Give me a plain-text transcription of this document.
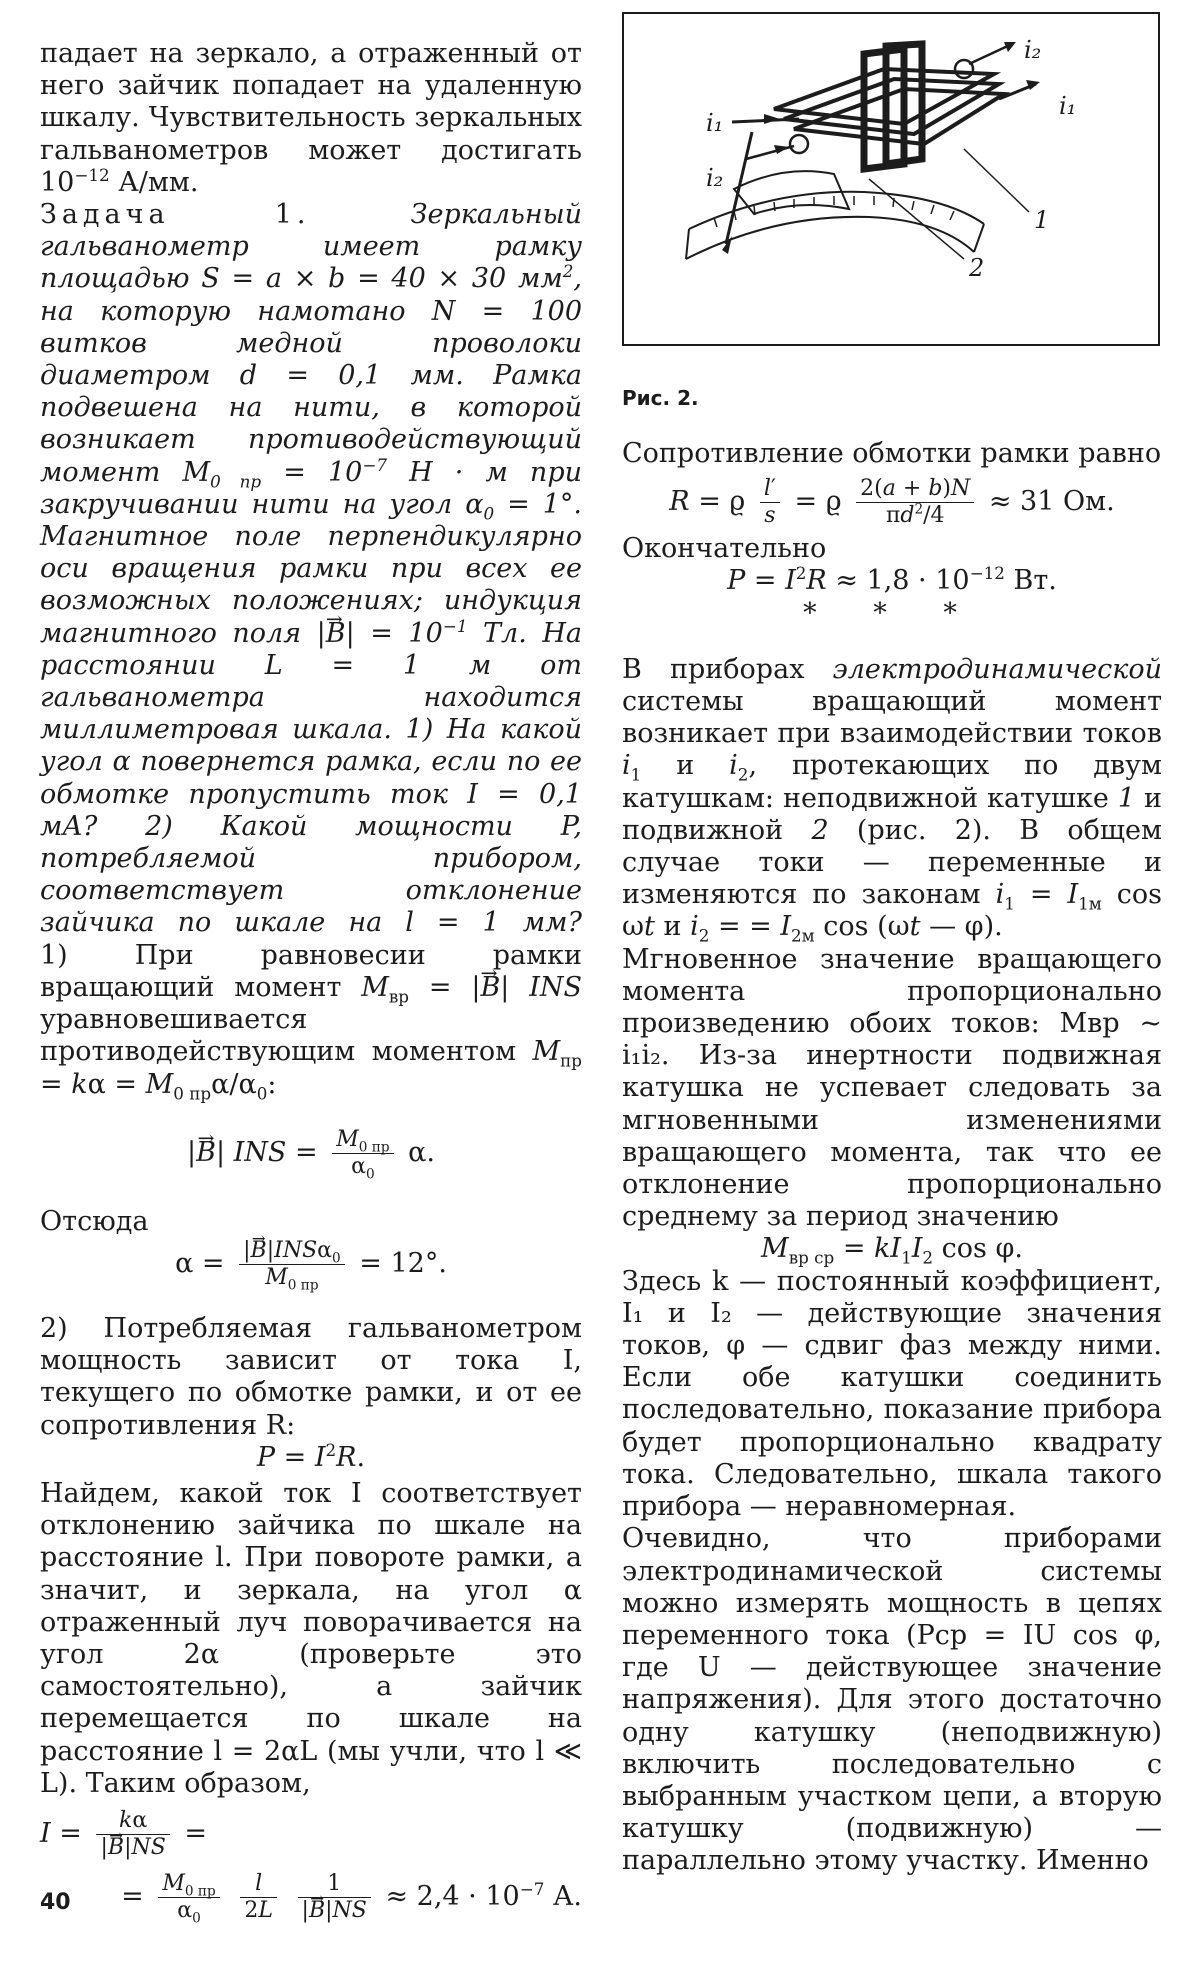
падает на зеркало, а отраженный от него зайчик попадает на удаленную шкалу. Чувствительность зеркальных гальванометров может достигать $10^{-12}$ А/мм.

Задача 1.	Зеркальный гальванометр имеет рамку площадью S = a × b = 40 × 30 $мм^2$, на которую намотано N = 100 витков медной проволоки диаметром d = 0,1 мм. Рамка подвешена на нити, в которой возникает противодействующий момент $M_{0 пр} = 10^{-7}$ Н · м при закручивании нити на угол $\alpha_0 = 1^\circ$. Магнитное поле перпендикулярно оси вращения рамки при всех ее возможных положениях; индукция магнитного поля |→ $B| = 10^{-1}$ Тл. На расстоянии L = 1 м от гальванометра находится миллиметровая шкала. 1) На какой угол α повернется рамка, если по ее обмотке пропустить ток I = 0,1 мА? 2) Какой мощности P, потребляемой прибором, соответствует отклонение зайчика по шкале на l = 1 мм?

1) При равновесии рамки вращающий момент $M_{вр}$ = |→ B| INS уравновешивается противодействующим моментом $M_{пр} = k\alpha = M_{0 пр}\alpha/\alpha_0$:

|→ B| INS = $M_{0 пр}$
$\alpha_0$
α.

Отсюда

α = |→ B|INSα$_0$
$M_{0 пр}$
= 12°.

2) Потребляемая гальванометром мощность зависит от тока I, текущего по обмотке рамки, и от ее сопротивления R:

$P = I^2R$.

Найдем, какой ток I соответствует отклонению зайчика по шкале на расстояние l. При повороте рамки, а значит, и зеркала, на угол α отраженный луч поворачивается на угол 2α (проверьте это самостоятельно), а зайчик перемещается по шкале на расстояние l = 2αL (мы учли, что l ≪ L). Таким образом,

$I = \frac{k\alpha}{|\to B|NS}$ =

= $M_{0 пр}$
$\alpha_0$
	$\frac{l}{2L}$
$\frac{1}{|\to B|NS} \approx 2,4 \cdot 10^{-7}$ А.

i₂
i₁
i₁
i₂
1
2
Рис. 2.

Сопротивление обмотки рамки равно

R = ϱ $\frac{l'}{s} = ϱ \frac{2(a + b)N}{\pi d^2/4} \approx 31$ Ом.

Окончательно

$P = I^2R \approx 1,8 \cdot 10^{-12}$ Вт.

* * *

В приборах электродинамической системы вращающий момент возникает при взаимодействии токов $i_1$ и $i_2$, протекающих по двум катушкам: неподвижной катушке 1 и подвижной 2 (рис. 2). В общем случае токи — переменные и изменяются по законам $i_1 = I_{1м}$ cos ωt и $i_2$ = = $I_{2м}$ cos (ωt — φ).

Мгновенное значение вращающего момента пропорционально произведению обоих токов: Mвр ~ i₁i₂. Из-за инертности подвижная катушка не успевает следовать за мгновенными изменениями вращающего момента, так что ее отклонение пропорционально среднему за период значению

$M_{вр ср} = kI_1I_2$ cos φ.

Здесь k — постоянный коэффициент, I₁ и I₂ — действующие значения токов, φ — сдвиг фаз между ними. Если обе катушки соединить последовательно, показание прибора будет пропорционально квадрату тока. Следовательно, шкала такого прибора — неравномерная.

Очевидно, что приборами электродинамической системы можно измерять мощность в цепях переменного тока (Pср = IU cos φ, где U — действующее значение напряжения). Для этого достаточно одну катушку (неподвижную) включить последовательно с выбранным участком цепи, а вторую катушку (подвижную) — параллельно этому участку. Именно

40
